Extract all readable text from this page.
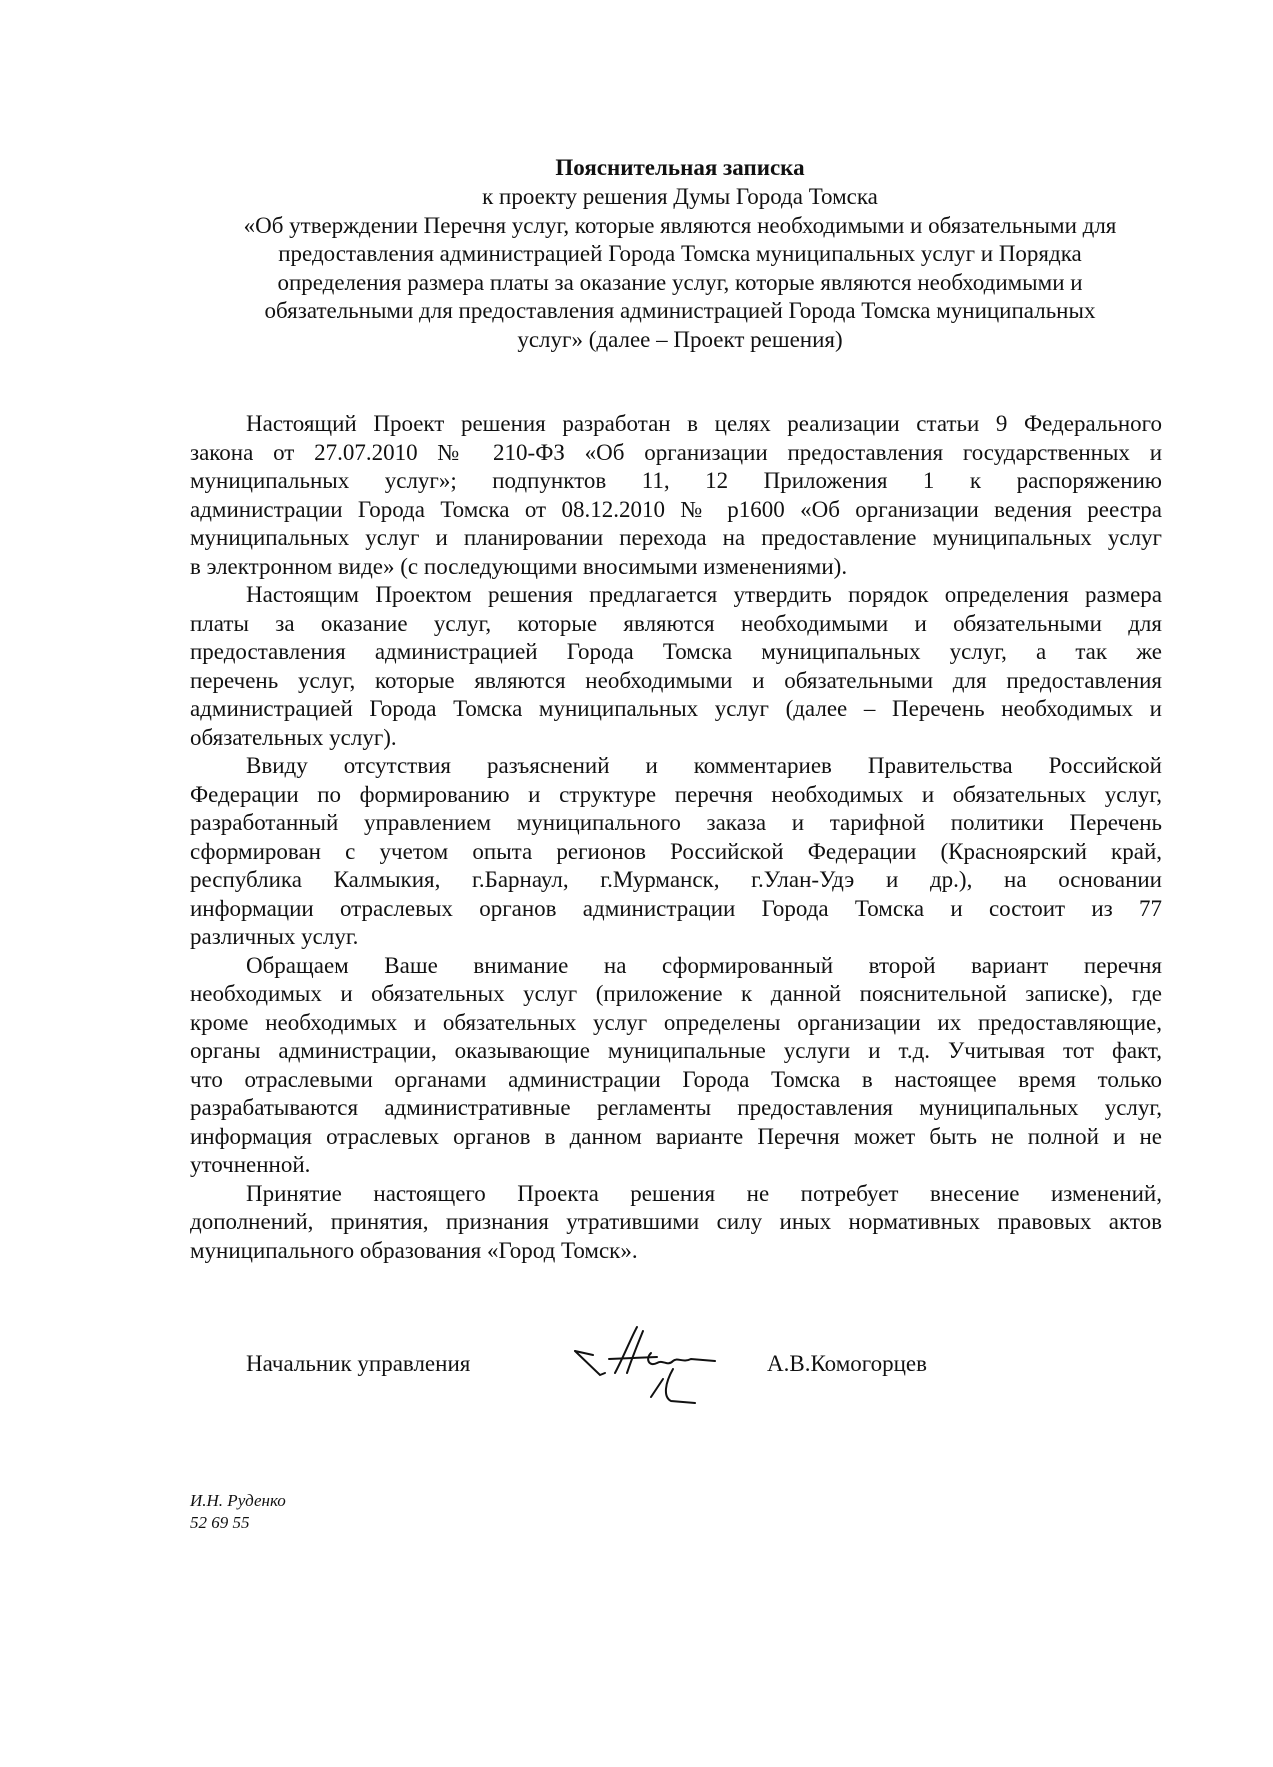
Пояснительная записка
к проекту решения Думы Города Томска
«Об утверждении Перечня услуг, которые являются необходимыми и обязательными для
предоставления администрацией Города Томска муниципальных услуг и Порядка
определения размера платы за оказание услуг, которые являются необходимыми и
обязательными для предоставления администрацией Города Томска муниципальных
услуг» (далее – Проект решения)
Настоящий Проект решения разработан в целях реализации статьи 9 Федерального
закона от 27.07.2010 № 210-ФЗ «Об организации предоставления государственных и
муниципальных услуг»; подпунктов 11, 12 Приложения 1 к распоряжению
администрации Города Томска от 08.12.2010 № р1600 «Об организации ведения реестра
муниципальных услуг и планировании перехода на предоставление муниципальных услуг
в электронном виде» (с последующими вносимыми изменениями).
Настоящим Проектом решения предлагается утвердить порядок определения размера
платы за оказание услуг, которые являются необходимыми и обязательными для
предоставления администрацией Города Томска муниципальных услуг, а так же
перечень услуг, которые являются необходимыми и обязательными для предоставления
администрацией Города Томска муниципальных услуг (далее – Перечень необходимых и
обязательных услуг).
Ввиду отсутствия разъяснений и комментариев Правительства Российской
Федерации по формированию и структуре перечня необходимых и обязательных услуг,
разработанный управлением муниципального заказа и тарифной политики Перечень
сформирован с учетом опыта регионов Российской Федерации (Красноярский край,
республика Калмыкия, г.Барнаул, г.Мурманск, г.Улан-Удэ и др.), на основании
информации отраслевых органов администрации Города Томска и состоит из 77
различных услуг.
Обращаем Ваше внимание на сформированный второй вариант перечня
необходимых и обязательных услуг (приложение к данной пояснительной записке), где
кроме необходимых и обязательных услуг определены организации их предоставляющие,
органы администрации, оказывающие муниципальные услуги и т.д. Учитывая тот факт,
что отраслевыми органами администрации Города Томска в настоящее время только
разрабатываются административные регламенты предоставления муниципальных услуг,
информация отраслевых органов в данном варианте Перечня может быть не полной и не
уточненной.
Принятие настоящего Проекта решения не потребует внесение изменений,
дополнений, принятия, признания утратившими силу иных нормативных правовых актов
муниципального образования «Город Томск».
Начальник управления	А.В.Комогорцев
И.Н. Руденко
52 69 55
